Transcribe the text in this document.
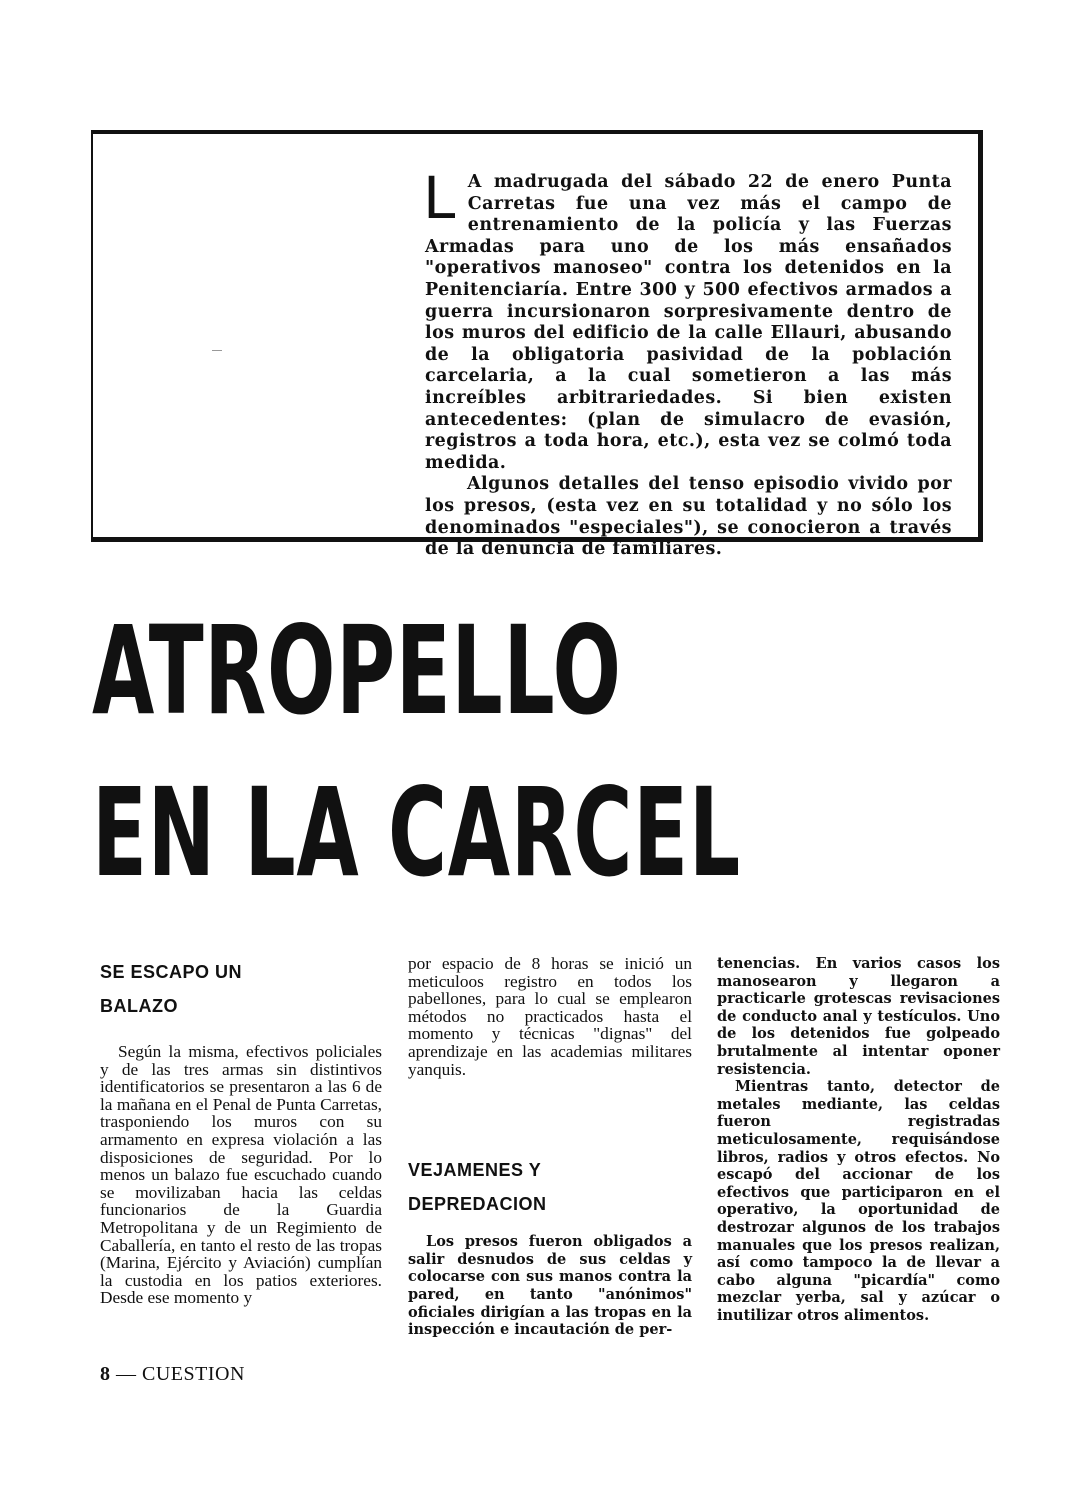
L A madrugada del sábado 22 de enero Punta Carretas fue una vez más el campo de entrenamiento de la policía y las Fuerzas Armadas para uno de los más ensañados "operativos manoseo" contra los detenidos en la Penitenciaría. Entre 300 y 500 efectivos armados a guerra incursionaron sorpresivamente dentro de los muros del edificio de la calle Ellauri, abusando de la obligatoria pasividad de la población carcelaria, a la cual sometieron a las más increíbles arbitrariedades. Si bien existen antecedentes: (plan de simulacro de evasión, registros a toda hora, etc.), esta vez se colmó toda medida.

Algunos detalles del tenso episodio vivido por los presos, (esta vez en su totalidad y no sólo los denominados "especiales"), se conocieron a través de la denuncia de familiares.

ATROPELLO
EN LA CARCEL
SE ESCAPO UN
BALAZO

Según la misma, efectivos policiales y de las tres armas sin distintivos identificatorios se presentaron a las 6 de la mañana en el Penal de Punta Carretas, trasponiendo los muros con su armamento en expresa violación a las disposiciones de seguridad. Por lo menos un balazo fue escuchado cuando se movilizaban hacia las celdas funcionarios de la Guardia Metropolitana y de un Regimiento de Caballería, en tanto el resto de las tropas (Marina, Ejército y Aviación) cumplían la custodia en los patios exteriores. Desde ese momento y

por espacio de 8 horas se inició un meticuloos registro en todos los pabellones, para lo cual se emplearon métodos no practicados hasta el momento y técnicas "dignas" del aprendizaje en las academias militares yanquis.

VEJAMENES Y
DEPREDACION

Los presos fueron obligados a salir desnudos de sus celdas y colocarse con sus manos contra la pared, en tanto "anónimos" oficiales dirigían a las tropas en la inspección e incautación de per-

tenencias. En varios casos los manosearon y llegaron a practicarle grotescas revisaciones de conducto anal y testículos. Uno de los detenidos fue golpeado brutalmente al intentar oponer resistencia.

Mientras tanto, detector de metales mediante, las celdas fueron registradas meticulosamente, requisándose libros, radios y otros efectos. No escapó del accionar de los efectivos que participaron en el operativo, la oportunidad de destrozar algunos de los trabajos manuales que los presos realizan, así como tampoco la de llevar a cabo alguna "picardía" como mezclar yerba, sal y azúcar o inutilizar otros alimentos.

8 — CUESTION
